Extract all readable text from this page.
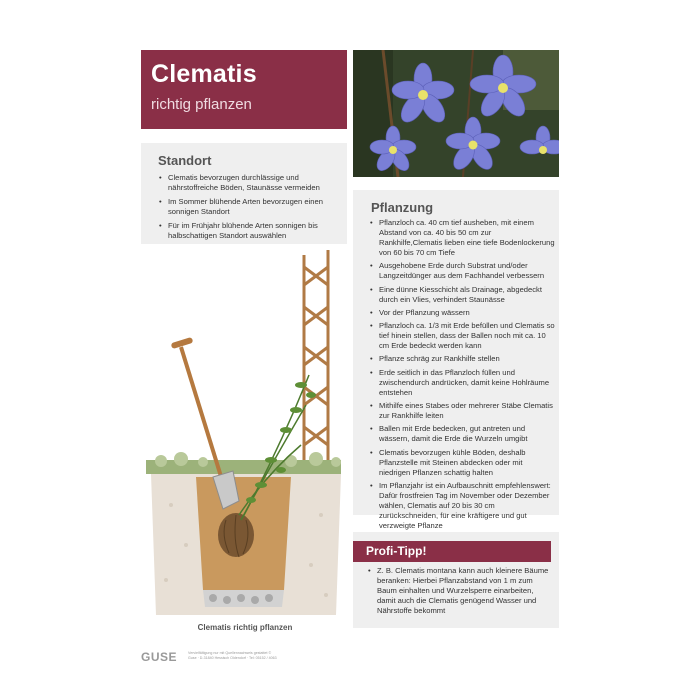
Clematis
richtig pflanzen
Standort
• Clematis bevorzugen durchlässige und nährstoffreiche Böden, Staunässe vermeiden
• Im Sommer blühende Arten bevorzugen einen sonnigen Standort
• Für im Frühjahr blühende Arten sonnigen bis halbschattigen Standort auswählen
Pflanzung
• Pflanzloch ca. 40 cm tief ausheben, mit einem Abstand von ca. 40 bis 50 cm zur Rankhilfe,Clematis lieben eine tiefe Bodenlockerung von 60 bis 70 cm Tiefe
• Ausgehobene Erde durch Substrat und/oder Langzeitdünger aus dem Fachhandel verbessern
• Eine dünne Kiesschicht als Drainage, abgedeckt durch ein Vlies, verhindert Staunässe
• Vor der Pflanzung wässern
• Pflanzloch ca. 1/3 mit Erde befüllen und Clematis so tief hinein stellen, dass der Ballen noch mit ca. 10 cm Erde bedeckt werden kann
• Pflanze schräg zur Rankhilfe stellen
• Erde seitlich in das Pflanzloch füllen und zwischendurch andrücken, damit keine Hohlräume entstehen
• Mithilfe eines Stabes oder mehrerer Stäbe Clematis zur Rankhilfe leiten
• Ballen mit Erde bedecken, gut antreten und wässern, damit die Erde die Wurzeln umgibt
• Clematis bevorzugen kühle Böden, deshalb Pflanzstelle mit Steinen abdecken oder mit niedrigen Pflanzen schattig halten
• Im Pflanzjahr ist ein Aufbauschnitt empfehlenswert: Dafür frostfreien Tag im November oder Dezember wählen, Clematis auf 20 bis 30 cm zurückschneiden, für eine kräftigere und gut verzweigte Pflanze
Profi-Tipp!
• Z. B. Clematis montana kann auch kleinere Bäume beranken: Hierbei Pflanzabstand von 1 m zum Baum einhalten und Wurzelsperre einarbeiten, damit auch die Clematis genügend Wasser und Nährstoffe bekommt
Clematis richtig pflanzen
GUSE	Vervielfältigung nur mit Quellennachweis gestattet © Guse · D-31840 Hessisch Oldendorf · Tel: 05152 / 4063
